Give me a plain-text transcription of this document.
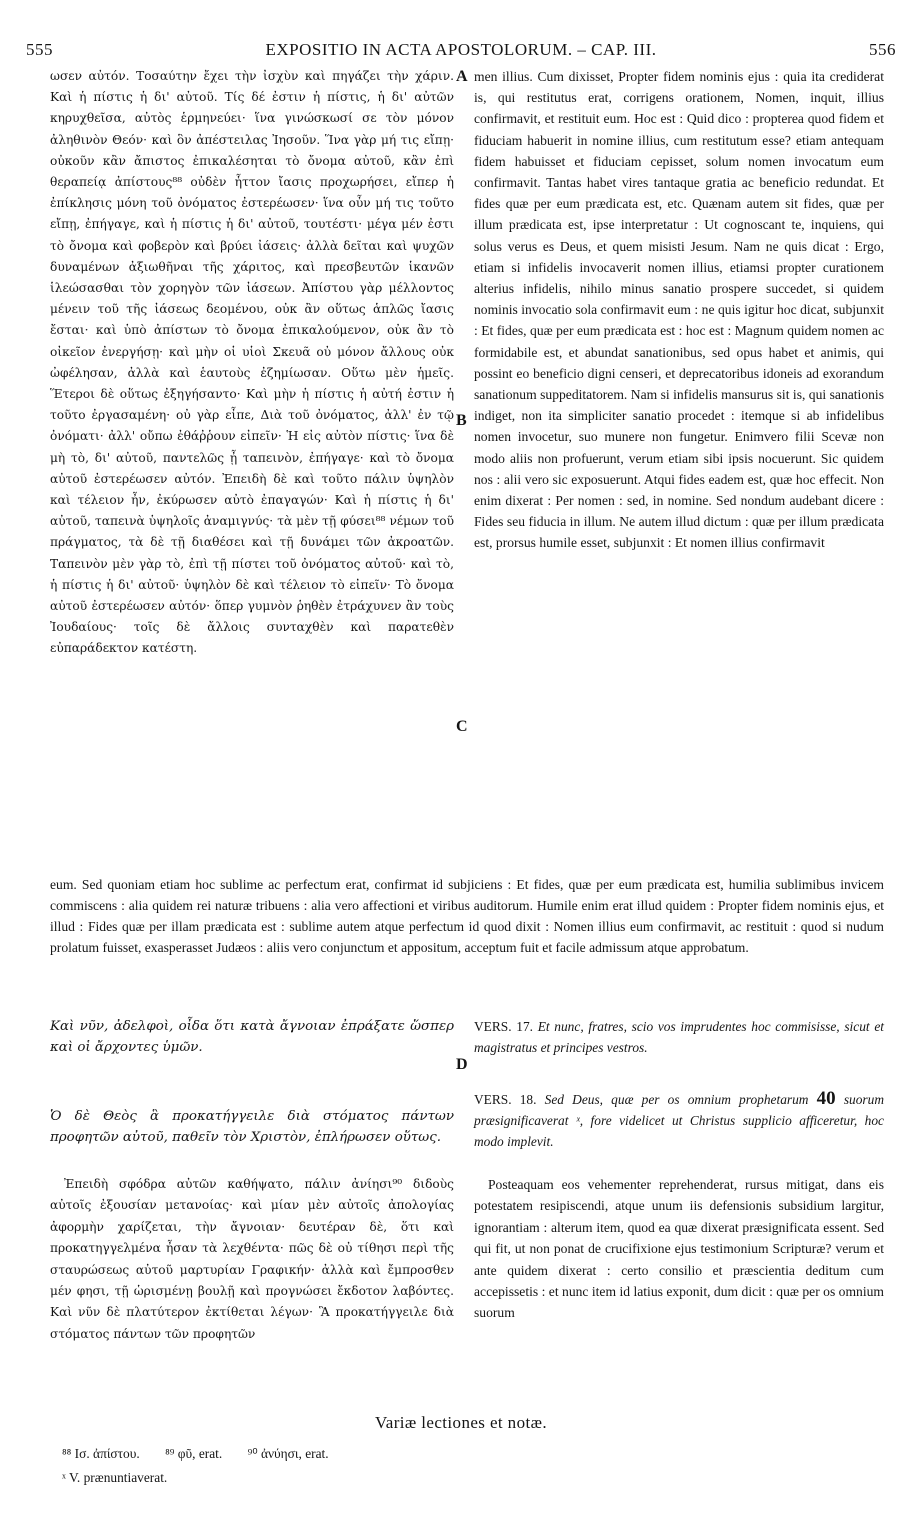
555	EXPOSITIO IN ACTA APOSTOLORUM. – CAP. III.	556

ωσεν αὐτόν. Τοσαύτην ἔχει τὴν ἰσχὺν καὶ πηγάζει τὴν χάριν. Καὶ ἡ πίστις ἡ δι' αὐτοῦ. Τίς δέ ἐστιν ἡ πίστις, ἡ δι' αὐτῶν κηρυχθεῖσα, αὐτὸς ἑρμηνεύει· ἵνα γινώσκωσί σε τὸν μόνον ἀληθινὸν Θεόν· καὶ ὃν ἀπέστειλας Ἰησοῦν. Ἵνα γὰρ μή τις εἴπῃ· οὐκοῦν κἂν ἄπιστος ἐπικαλέσηται τὸ ὄνομα αὐτοῦ, κἂν ἐπὶ θεραπείᾳ ἀπίστους⁸⁸ οὐδὲν ἧττον ἴασις προχωρήσει, εἴπερ ἡ ἐπίκλησις μόνη τοῦ ὀνόματος ἐστερέωσεν· ἵνα οὖν μή τις τοῦτο εἴπῃ, ἐπήγαγε, καὶ ἡ πίστις ἡ δι' αὐτοῦ, τουτέστι· μέγα μέν ἐστι τὸ ὄνομα καὶ φοβερὸν καὶ βρύει ἰάσεις· ἀλλὰ δεῖται καὶ ψυχῶν δυναμένων ἀξιωθῆναι τῆς χάριτος, καὶ πρεσβευτῶν ἱκανῶν ἱλεώσασθαι τὸν χορηγὸν τῶν ἰάσεων. Ἀπίστου γὰρ μέλλοντος μένειν τοῦ τῆς ἰάσεως δεομένου, οὐκ ἂν οὕτως ἁπλῶς ἴασις ἔσται· καὶ ὑπὸ ἀπίστων τὸ ὄνομα ἐπικαλούμενον, οὐκ ἂν τὸ οἰκεῖον ἐνεργήσῃ· καὶ μὴν οἱ υἱοὶ Σκευᾶ οὐ μόνον ἄλλους οὐκ ὠφέλησαν, ἀλλὰ καὶ ἑαυτοὺς ἐζημίωσαν. Οὕτω μὲν ἡμεῖς. Ἕτεροι δὲ οὕτως ἐξηγήσαντο· Καὶ μὴν ἡ πίστις ἡ αὐτή ἐστιν ἡ τοῦτο ἐργασαμένη· οὐ γὰρ εἶπε, Διὰ τοῦ ὀνόματος, ἀλλ' ἐν τῷ ὀνόματι· ἀλλ' οὔπω ἐθάῤῥουν εἰπεῖν· Ἡ εἰς αὐτὸν πίστις· ἵνα δὲ μὴ τὸ, δι' αὐτοῦ, παντελῶς ᾖ ταπεινὸν, ἐπήγαγε· καὶ τὸ ὄνομα αὐτοῦ ἐστερέωσεν αὐτόν. Ἐπειδὴ δὲ καὶ τοῦτο πάλιν ὑψηλὸν καὶ τέλειον ἦν, ἐκύρωσεν αὐτὸ ἐπαγαγών· Καὶ ἡ πίστις ἡ δι' αὐτοῦ, ταπεινὰ ὑψηλοῖς ἀναμιγνύς· τὰ μὲν τῇ φύσει⁸⁸ νέμων τοῦ πράγματος, τὰ δὲ τῇ διαθέσει καὶ τῇ δυνάμει τῶν ἀκροατῶν. Ταπεινὸν μὲν γὰρ τὸ, ἐπὶ τῇ πίστει τοῦ ὀνόματος αὐτοῦ· καὶ τὸ, ἡ πίστις ἡ δι' αὐτοῦ· ὑψηλὸν δὲ καὶ τέλειον τὸ εἰπεῖν· Τὸ ὄνομα αὐτοῦ ἐστερέωσεν αὐτόν· ὅπερ γυμνὸν ῥηθὲν ἐτράχυνεν ἂν τοὺς Ἰουδαίους· τοῖς δὲ ἄλλοις συνταχθὲν καὶ παρατεθὲν εὐπαράδεκτον κατέστη.

men illius. Cum dixisset, Propter fidem nominis ejus : quia ita crediderat is, qui restitutus erat, corrigens orationem, Nomen, inquit, illius confirmavit, et restituit eum. Hoc est : Quid dico : propterea quod fidem et fiduciam habuerit in nomine illius, cum restitutum esse? etiam antequam fidem habuisset et fiduciam cepisset, solum nomen invocatum eum confirmavit. Tantas habet vires tantaque gratia ac beneficio redundat. Et fides quæ per eum prædicata est, etc. Quænam autem sit fides, quæ per illum prædicata est, ipse interpretatur : Ut cognoscant te, inquiens, qui solus verus es Deus, et quem misisti Jesum. Nam ne quis dicat : Ergo, etiam si infidelis invocaverit nomen illius, etiamsi propter curationem alterius infidelis, nihilo minus sanatio prospere succedet, si quidem nominis invocatio sola confirmavit eum : ne quis igitur hoc dicat, subjunxit : Et fides, quæ per eum prædicata est : hoc est : Magnum quidem nomen ac formidabile est, et abundat sanationibus, sed opus habet et animis, qui possint eo beneficio digni censeri, et deprecatoribus idoneis ad exorandum sanationum suppeditatorem. Nam si infidelis mansurus sit is, qui sanationis indiget, non ita simpliciter sanatio procedet : itemque si ab infidelibus nomen invocetur, suo munere non fungetur. Enimvero filii Scevæ non modo aliis non profuerunt, verum etiam sibi ipsis nocuerunt. Sic quidem nos : alii vero sic exposuerunt. Atqui fides eadem est, quæ hoc effecit. Non enim dixerat : Per nomen : sed, in nomine. Sed nondum audebant dicere : Fides seu fiducia in illum. Ne autem illud dictum : quæ per illum prædicata est, prorsus humile esset, subjunxit : Et nomen illius confirmavit

A
B
C
D

eum. Sed quoniam etiam hoc sublime ac perfectum erat, confirmat id subjiciens : Et fides, quæ per eum prædicata est, humilia sublimibus invicem commiscens : alia quidem rei naturæ tribuens : alia vero affectioni et viribus auditorum. Humile enim erat illud quidem : Propter fidem nominis ejus, et illud : Fides quæ per illam prædicata est : sublime autem atque perfectum id quod dixit : Nomen illius eum confirmavit, ac restituit : quod si nudum prolatum fuisset, exasperasset Judæos : aliis vero conjunctum et appositum, acceptum fuit et facile admissum atque approbatum.

Καὶ νῦν, ἀδελφοὶ, οἶδα ὅτι κατὰ ἄγνοιαν ἐπράξατε ὥσπερ καὶ οἱ ἄρχοντες ὑμῶν.

VERS. 17. Et nunc, fratres, scio vos imprudentes hoc commisisse, sicut et magistratus et principes vestros.

Ὁ δὲ Θεὸς ἃ προκατήγγειλε διὰ στόματος πάντων προφητῶν αὐτοῦ, παθεῖν τὸν Χριστὸν, ἐπλήρωσεν οὕτως.

VERS. 18. Sed Deus, quæ per os omnium prophetarum 40 suorum præsignificaverat ˣ, fore videlicet ut Christus supplicio afficeretur, hoc modo implevit.

Ἐπειδὴ σφόδρα αὐτῶν καθήψατο, πάλιν ἀνίησι⁹⁰ διδοὺς αὐτοῖς ἐξουσίαν μετανοίας· καὶ μίαν μὲν αὐτοῖς ἀπολογίας ἀφορμὴν χαρίζεται, τὴν ἄγνοιαν· δευτέραν δὲ, ὅτι καὶ προκατηγγελμένα ἦσαν τὰ λεχθέντα· πῶς δὲ οὐ τίθησι περὶ τῆς σταυρώσεως αὐτοῦ μαρτυρίαν Γραφικήν· ἀλλὰ καὶ ἔμπροσθεν μέν φησι, τῇ ὡρισμένῃ βουλῇ καὶ προγνώσει ἔκδοτον λαβόντες. Καὶ νῦν δὲ πλατύτερον ἐκτίθεται λέγων· Ἃ προκατήγγειλε διὰ στόματος πάντων τῶν προφητῶν

Posteaquam eos vehementer reprehenderat, rursus mitigat, dans eis potestatem resipiscendi, atque unum iis defensionis subsidium largitur, ignorantiam : alterum item, quod ea quæ dixerat præsignificata essent. Sed qui fit, ut non ponat de crucifixione ejus testimonium Scripturæ? verum et ante quidem dixerat : certo consilio et præscientia deditum cum accepissetis : et nunc item id latius exponit, dum dicit : quæ per os omnium suorum

Variæ lectiones et notæ.
⁸⁸ Ισ. ἀπίστου. ⁸⁹ φῦ, erat. ⁹⁰ ἀνύησι, erat.
ˣ V. prænuntiaverat.
